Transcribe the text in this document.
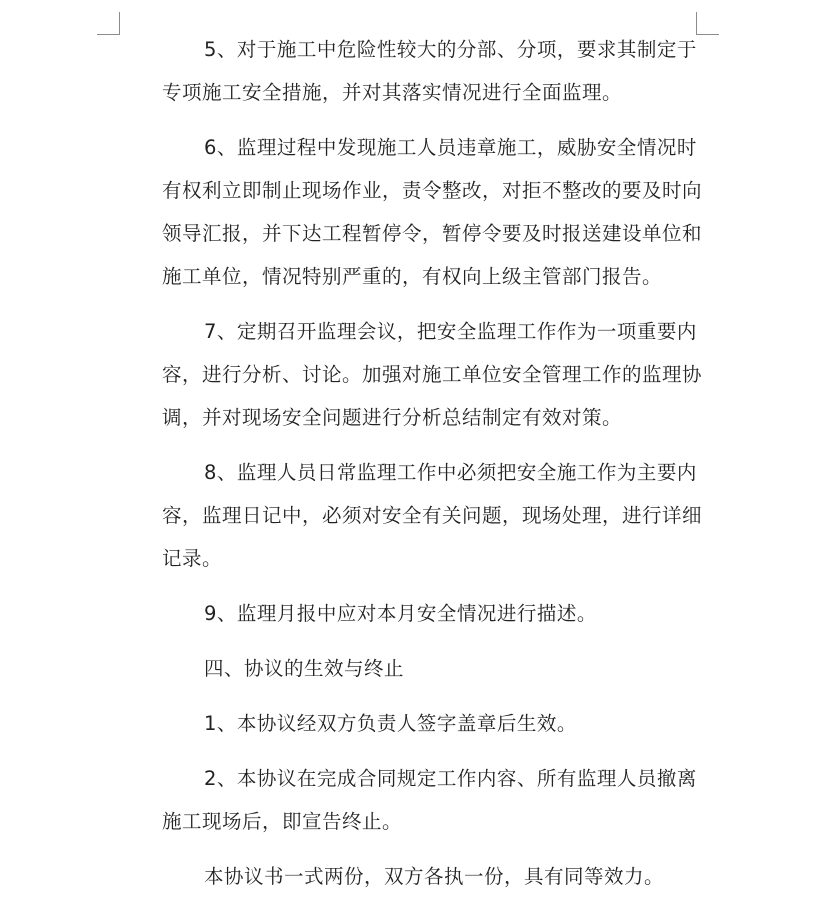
5、对于施工中危险性较大的分部、分项，要求其制定于
专项施工安全措施，并对其落实情况进行全面监理。

6、监理过程中发现施工人员违章施工，威胁安全情况时
有权利立即制止现场作业，责令整改，对拒不整改的要及时向
领导汇报，并下达工程暂停令，暂停令要及时报送建设单位和
施工单位，情况特别严重的，有权向上级主管部门报告。

7、定期召开监理会议，把安全监理工作作为一项重要内
容，进行分析、讨论。加强对施工单位安全管理工作的监理协
调，并对现场安全问题进行分析总结制定有效对策。

8、监理人员日常监理工作中必须把安全施工作为主要内
容，监理日记中，必须对安全有关问题，现场处理，进行详细
记录。

9、监理月报中应对本月安全情况进行描述。

四、协议的生效与终止

1、本协议经双方负责人签字盖章后生效。

2、本协议在完成合同规定工作内容、所有监理人员撤离
施工现场后，即宣告终止。

本协议书一式两份，双方各执一份，具有同等效力。
